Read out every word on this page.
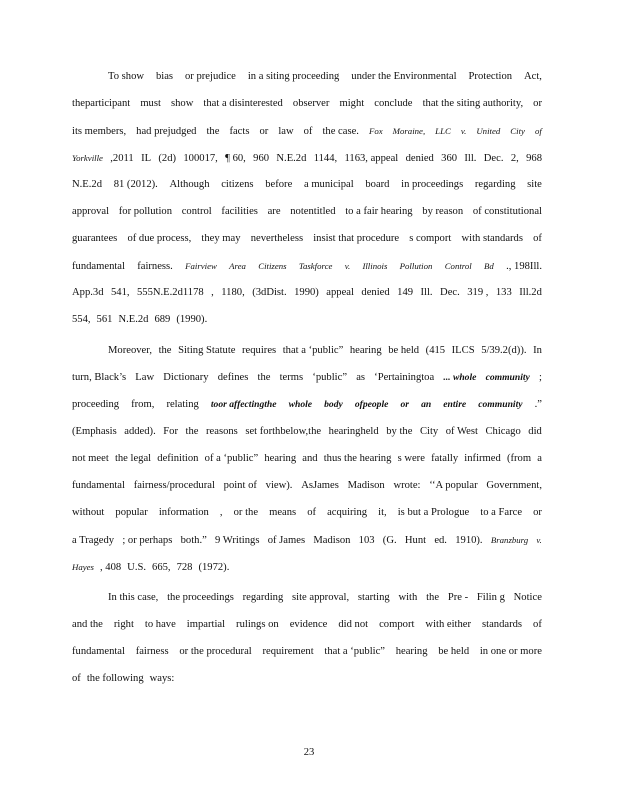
To show bias or prejudice in a siting proceeding under the Environmental Protection Act,
theparticipant must show that a disinterested observer might conclude that the siting authority, or
its members, had prejudged the facts or law of the case. Fox Moraine, LLC v. United City of
Yorkville ,2011 IL (2d) 100017, ¶ 60, 960 N.E.2d 1144, 1163, appeal denied 360 Ill. Dec. 2, 968
N.E.2d 81 (2012). Although citizens before a municipal board in proceedings regarding site
approval for pollution control facilities are notentitled to a fair hearing by reason of constitutional
guarantees of due process, they may nevertheless insist that procedure s comport with standards of
fundamental fairness. Fairview Area Citizens Taskforce v. Illinois Pollution Control Bd ., 198Ill.
App.3d 541, 555N.E.2d1178 , 1180, (3dDist. 1990) appeal denied 149 Ill. Dec. 319 , 133 Ill.2d
554, 561 N.E.2d 689 (1990).
Moreover, the Siting Statute requires that a ‘public” hearing be held (415 ILCS 5/39.2(d)). In
turn, Black’s Law Dictionary defines the terms ‘public” as ‘Pertainingtoa ... whole community ;
proceeding from, relating toor affectingthe whole body ofpeople or an entire community .”
(Emphasis added). For the reasons set forthbelow,the hearingheld by the City of West Chicago did
not meet the legal definition of a ‘public” hearing and thus the hearing s were fatally infirmed (from a
fundamental fairness/procedural point of view). AsJames Madison wrote: ‘‘A popular Government,
without popular information , or the means of acquiring it, is but a Prologue to a Farce or
a Tragedy ; or perhaps both.” 9 Writings of James Madison 103 (G. Hunt ed. 1910). Branzburg v.
Hayes , 408 U.S. 665, 728 (1972).
In this case, the proceedings regarding site approval, starting with the Pre - Filin g Notice
and the right to have impartial rulings on evidence did not comport with either standards of
fundamental fairness or the procedural requirement that a ‘public” hearing be held in one or more
of the following ways:
23
